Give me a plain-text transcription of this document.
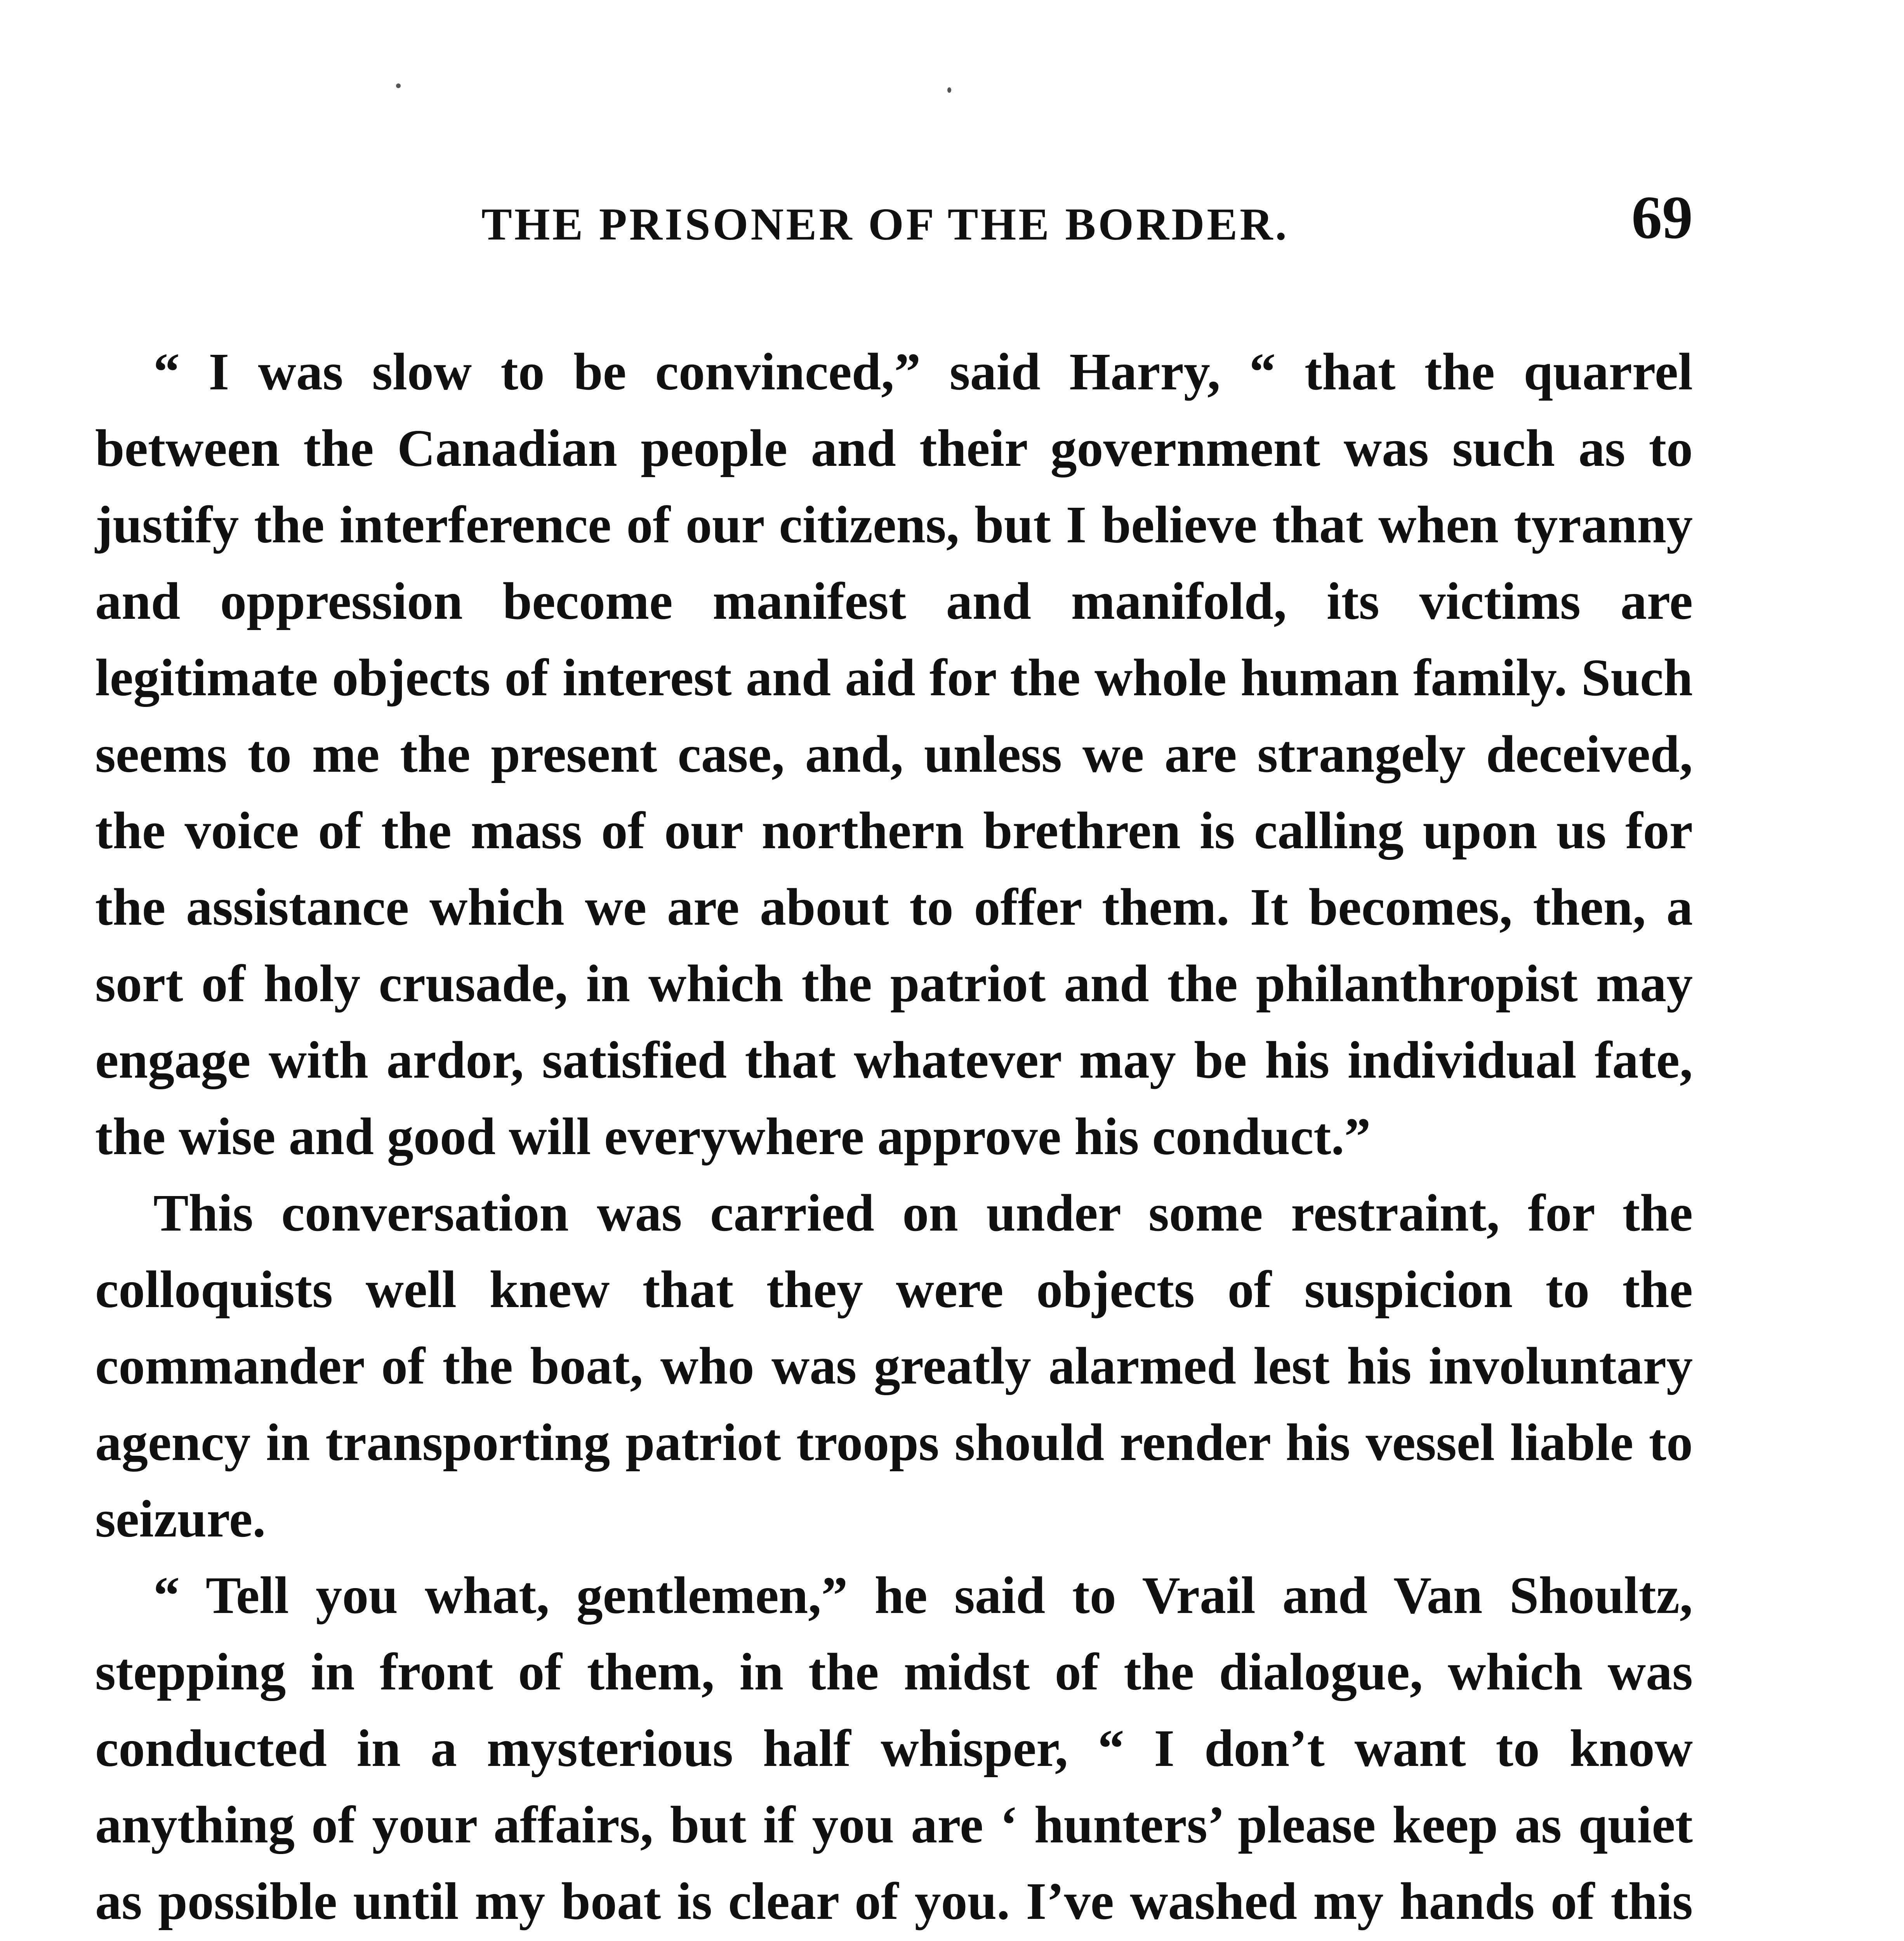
THE PRISONER OF THE BORDER.	69

“ I was slow to be convinced,” said Harry, “ that the quarrel between the Canadian people and their government was such as to justify the interference of our citizens, but I believe that when tyranny and oppression become manifest and manifold, its victims are legitimate objects of interest and aid for the whole human family. Such seems to me the present case, and, unless we are strangely deceived, the voice of the mass of our northern brethren is calling upon us for the assistance which we are about to offer them. It becomes, then, a sort of holy crusade, in which the patriot and the philanthropist may engage with ardor, satisfied that whatever may be his individual fate, the wise and good will everywhere approve his conduct.”

This conversation was carried on under some restraint, for the colloquists well knew that they were objects of suspicion to the commander of the boat, who was greatly alarmed lest his involuntary agency in transporting patriot troops should render his vessel liable to seizure.

“ Tell you what, gentlemen,” he said to Vrail and Van Shoultz, stepping in front of them, in the midst of the dialogue, which was conducted in a mysterious half whisper, “ I don’t want to know anything of your affairs, but if you are ‘ hunters’ please keep as quiet as possible until my boat is clear of you. I’ve washed my hands of this
